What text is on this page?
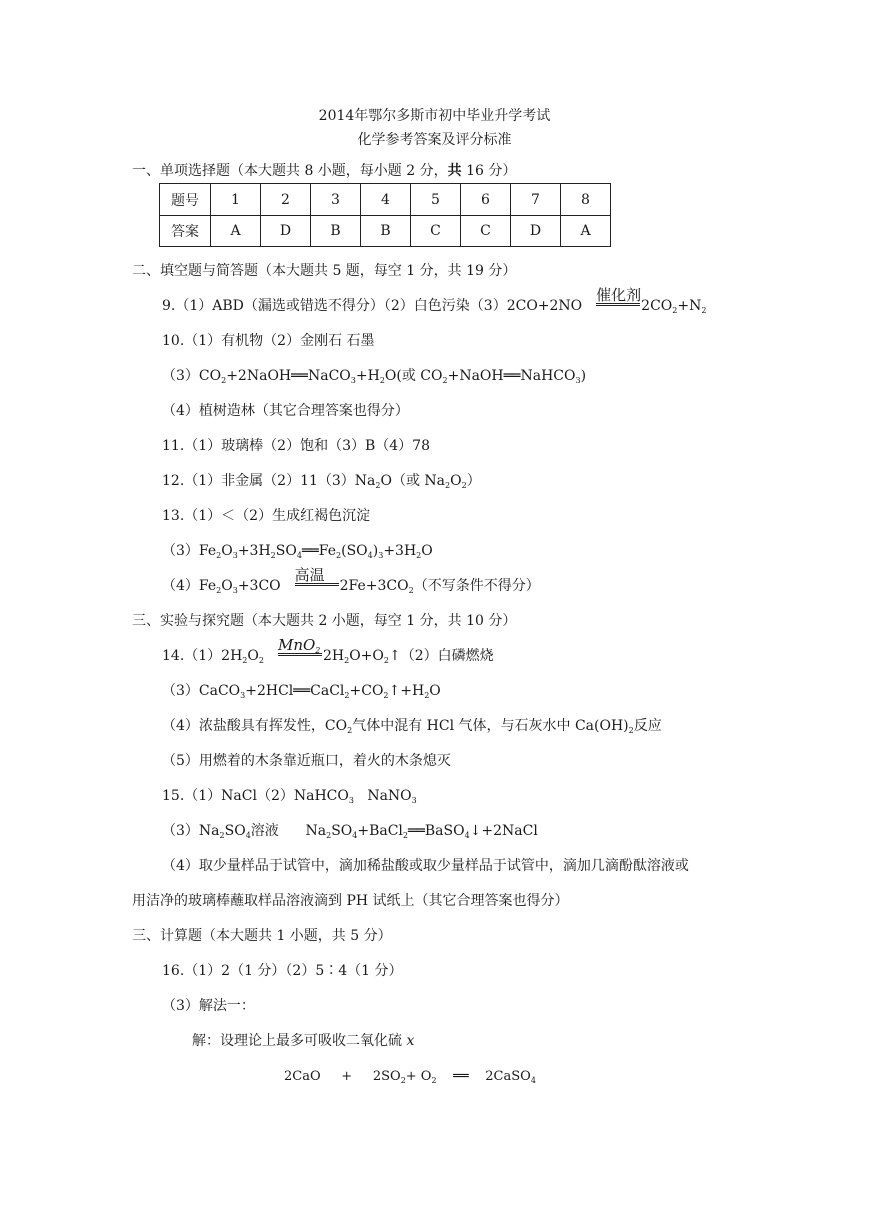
2014年鄂尔多斯市初中毕业升学考试
化学参考答案及评分标准
一、单项选择题（本大题共 8 小题，每小题 2 分，共 16 分）
题号	1	2	3	4	5	6	7	8
答案	A	D	B	B	C	C	D	A
二、填空题与简答题（本大题共 5 题，每空 1 分，共 19 分）
9.（1）ABD（漏选或错选不得分）（2）白色污染（3）2CO+2NO
催化剂
$2CO_2+N_2$
10.（1）有机物（2）金刚石 石墨
$(3)CO_2+2NaOH══NaCO_3+H_2O$(或 $CO_2+NaOH══NaHCO_3$)
（4）植树造林（其它合理答案也得分）
11.（1）玻璃棒（2）饱和（3）B（4）78
12.（1）非金属$(2)11(3)Na_2O$（或 $Na_2O_2$）
13.（1）＜（2）生成红褐色沉淀
$(3)Fe_2O_3+3H_2SO_4══Fe_2(SO_4)_3+3H_2O$
$(4)Fe_2O_3+3CO$
高温
$2Fe+3CO_2$（不写条件不得分）
三、实验与探究题（本大题共 2 小题，每空 1 分，共 10 分）
$14.(1)2H_2O_2$
MnO$_2$ $2H_2O+O_2↑(2)$白磷燃烧
$(3)CaCO_3+2HCl══CaCl_2+CO_2↑+H_2O$
（4）浓盐酸具有挥发性，$CO_2$气体中混有 HCl 气体，与石灰水中 $Ca(OH)_2$反应
（5）用燃着的木条靠近瓶口，着火的木条熄灭
15.（1）NaCl（2）NaHCO$_3$   NaNO$_3$
$(3)Na_2SO_4$溶液      $Na_2SO_4+BaCl_2══BaSO_4↓+2NaCl$
（4）取少量样品于试管中，滴加稀盐酸或取少量样品于试管中，滴加几滴酚酞溶液或
用洁净的玻璃棒蘸取样品溶液滴到 PH 试纸上（其它合理答案也得分）
三、计算题（本大题共 1 小题，共 5 分）
16.（1）2（1 分）（2）5∶4（1 分）
（3）解法一：
解：设理论上最多可吸收二氧化硫 x
2CaO     +     $2SO_2+ O_2$    ══    2CaSO$_4$
